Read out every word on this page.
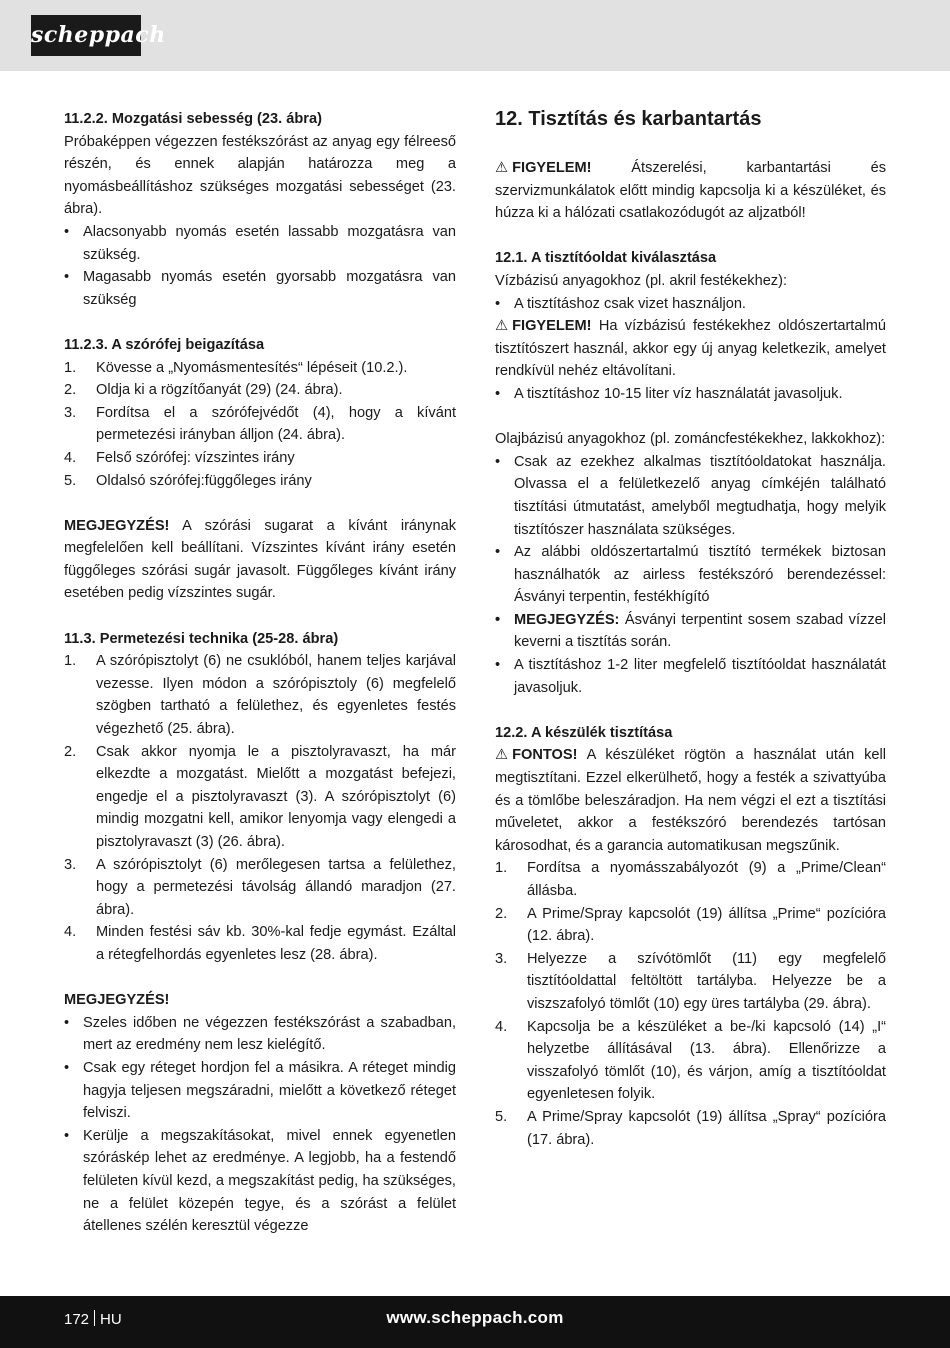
scheppach
11.2.2. Mozgatási sebesség (23. ábra)

Próbaképpen végezzen festékszórást az anyag egy félreeső részén, és ennek alapján határozza meg a nyomásbeállításhoz szükséges mozgatási sebességet (23. ábra).

• Alacsonyabb nyomás esetén lassabb mozgatásra van szükség.
• Magasabb nyomás esetén gyorsabb mozgatásra van szükség
11.2.3. A szórófej beigazítása
1. Kövesse a „Nyomásmentesítés“ lépéseit (10.2.).
2. Oldja ki a rögzítőanyát (29) (24. ábra).
3. Fordítsa el a szórófejvédőt (4), hogy a kívánt permetezési irányban álljon (24. ábra).
4. Felső szórófej: vízszintes irány
5. Oldalsó szórófej:függőleges irány

MEGJEGYZÉS! A szórási sugarat a kívánt iránynak megfelelően kell beállítani. Vízszintes kívánt irány esetén függőleges szórási sugár javasolt. Függőleges kívánt irány esetében pedig vízszintes sugár.

11.3. Permetezési technika (25-28. ábra)
1. A szórópisztolyt (6) ne csuklóból, hanem teljes karjával vezesse. Ilyen módon a szórópisztoly (6) megfelelő szögben tartható a felülethez, és egyenletes festés végezhető (25. ábra).
2. Csak akkor nyomja le a pisztolyravaszt, ha már elkezdte a mozgatást. Mielőtt a mozgatást befejezi, engedje el a pisztolyravaszt (3). A szórópisztolyt (6) mindig mozgatni kell, amikor lenyomja vagy elengedi a pisztolyravaszt (3) (26. ábra).
3. A szórópisztolyt (6) merőlegesen tartsa a felülethez, hogy a permetezési távolság állandó maradjon (27. ábra).
4. Minden festési sáv kb. 30%-kal fedje egymást. Ezáltal a rétegfelhordás egyenletes lesz (28. ábra).
MEGJEGYZÉS!
• Szeles időben ne végezzen festékszórást a szabadban, mert az eredmény nem lesz kielégítő.
• Csak egy réteget hordjon fel a másikra. A réteget mindig hagyja teljesen megszáradni, mielőtt a következő réteget felviszi.
• Kerülje a megszakításokat, mivel ennek egyenetlen szóráskép lehet az eredménye. A legjobb, ha a festendő felületen kívül kezd, a megszakítást pedig, ha szükséges, ne a felület közepén tegye, és a szórást a felület átellenes szélén keresztül végezze
12. Tisztítás és karbantartás

⚠ FIGYELEM! Átszerelési, karbantartási és szervizmunkálatok előtt mindig kapcsolja ki a készüléket, és húzza ki a hálózati csatlakozódugót az aljzatból!

12.1. A tisztítóoldat kiválasztása
Vízbázisú anyagokhoz (pl. akril festékekhez):
• A tisztításhoz csak vizet használjon.

⚠ FIGYELEM! Ha vízbázisú festékekhez oldószertartalmú tisztítószert használ, akkor egy új anyag keletkezik, amelyet rendkívül nehéz eltávolítani.

• A tisztításhoz 10-15 liter víz használatát javasoljuk.

Olajbázisú anyagokhoz (pl. zománcfestékekhez, lakkokhoz):

• Csak az ezekhez alkalmas tisztítóoldatokat használja. Olvassa el a felületkezelő anyag címkéjén található tisztítási útmutatást, amelyből megtudhatja, hogy melyik tisztítószer használata szükséges.
• Az alábbi oldószertartalmú tisztító termékek biztosan használhatók az airless festékszóró berendezéssel: Ásványi terpentin, festékhígító
• MEGJEGYZÉS: Ásványi terpentint sosem szabad vízzel keverni a tisztítás során.
• A tisztításhoz 1-2 liter megfelelő tisztítóoldat használatát javasoljuk.
12.2. A készülék tisztítása

⚠ FONTOS! A készüléket rögtön a használat után kell megtisztítani. Ezzel elkerülhető, hogy a festék a szivattyúba és a tömlőbe beleszáradjon. Ha nem végzi el ezt a tisztítási műveletet, akkor a festékszóró berendezés tartósan károsodhat, és a garancia automatikusan megszűnik.

1. Fordítsa a nyomásszabályozót (9) a „Prime/Clean“ állásba.
2. A Prime/Spray kapcsolót (19) állítsa „Prime“ pozícióra (12. ábra).
3. Helyezze a szívótömlőt (11) egy megfelelő tisztítóoldattal feltöltött tartályba. Helyezze be a viszszafolyó tömlőt (10) egy üres tartályba (29. ábra).
4. Kapcsolja be a készüléket a be-/ki kapcsoló (14) „I“ helyzetbe állításával (13. ábra). Ellenőrizze a visszafolyó tömlőt (10), és várjon, amíg a tisztítóoldat egyenletesen folyik.
5. A Prime/Spray kapcsolót (19) állítsa „Spray“ pozícióra (17. ábra).
172 HU	www.scheppach.com
